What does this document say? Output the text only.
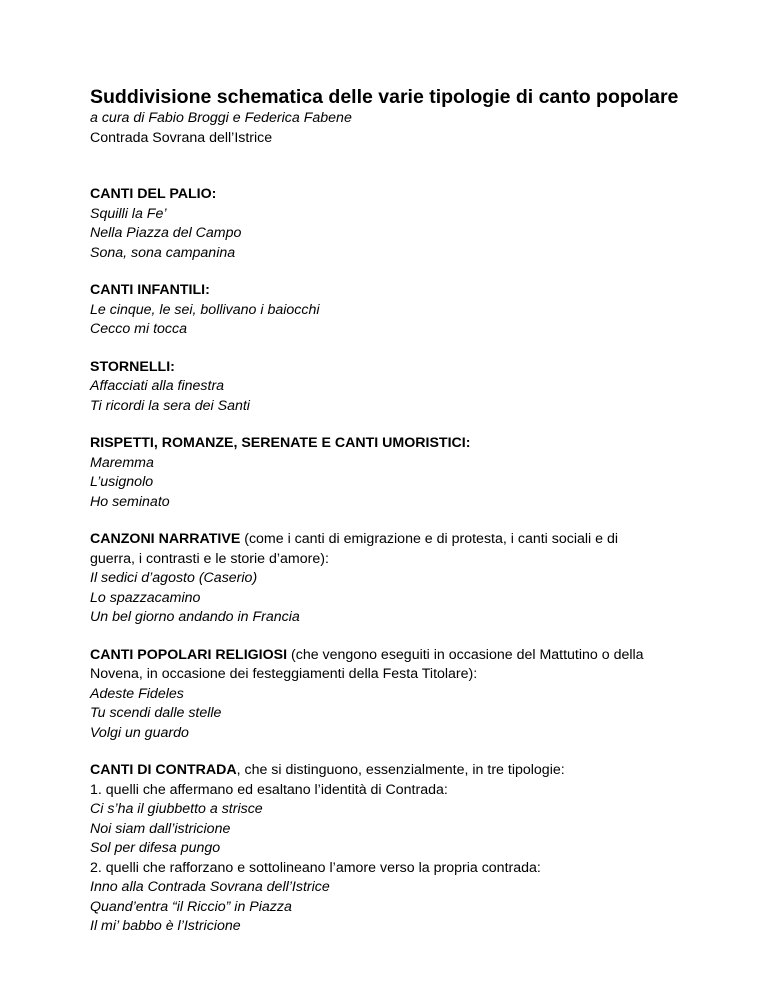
Suddivisione schematica delle varie tipologie di canto popolare

a cura di Fabio Broggi e Federica Fabene

Contrada Sovrana dell’Istrice

CANTI DEL PALIO:

Squilli la Fe’

Nella Piazza del Campo

Sona, sona campanina

CANTI INFANTILI:

Le cinque, le sei, bollivano i baiocchi

Cecco mi tocca

STORNELLI:

Affacciati alla finestra

Ti ricordi la sera dei Santi

RISPETTI, ROMANZE, SERENATE E CANTI UMORISTICI:

Maremma

L’usignolo

Ho seminato

CANZONI NARRATIVE (come i canti di emigrazione e di protesta, i canti sociali e di

guerra, i contrasti e le storie d’amore):

Il sedici d’agosto (Caserio)

Lo spazzacamino

Un bel giorno andando in Francia

CANTI POPOLARI RELIGIOSI (che vengono eseguiti in occasione del Mattutino o della

Novena, in occasione dei festeggiamenti della Festa Titolare):

Adeste Fideles

Tu scendi dalle stelle

Volgi un guardo

CANTI DI CONTRADA, che si distinguono, essenzialmente, in tre tipologie:

1. quelli che affermano ed esaltano l’identità di Contrada:

Ci s’ha il giubbetto a strisce

Noi siam dall’istricione

Sol per difesa pungo

2. quelli che rafforzano e sottolineano l’amore verso la propria contrada:

Inno alla Contrada Sovrana dell’Istrice

Quand’entra “il Riccio” in Piazza

Il mi’ babbo è l’Istricione
